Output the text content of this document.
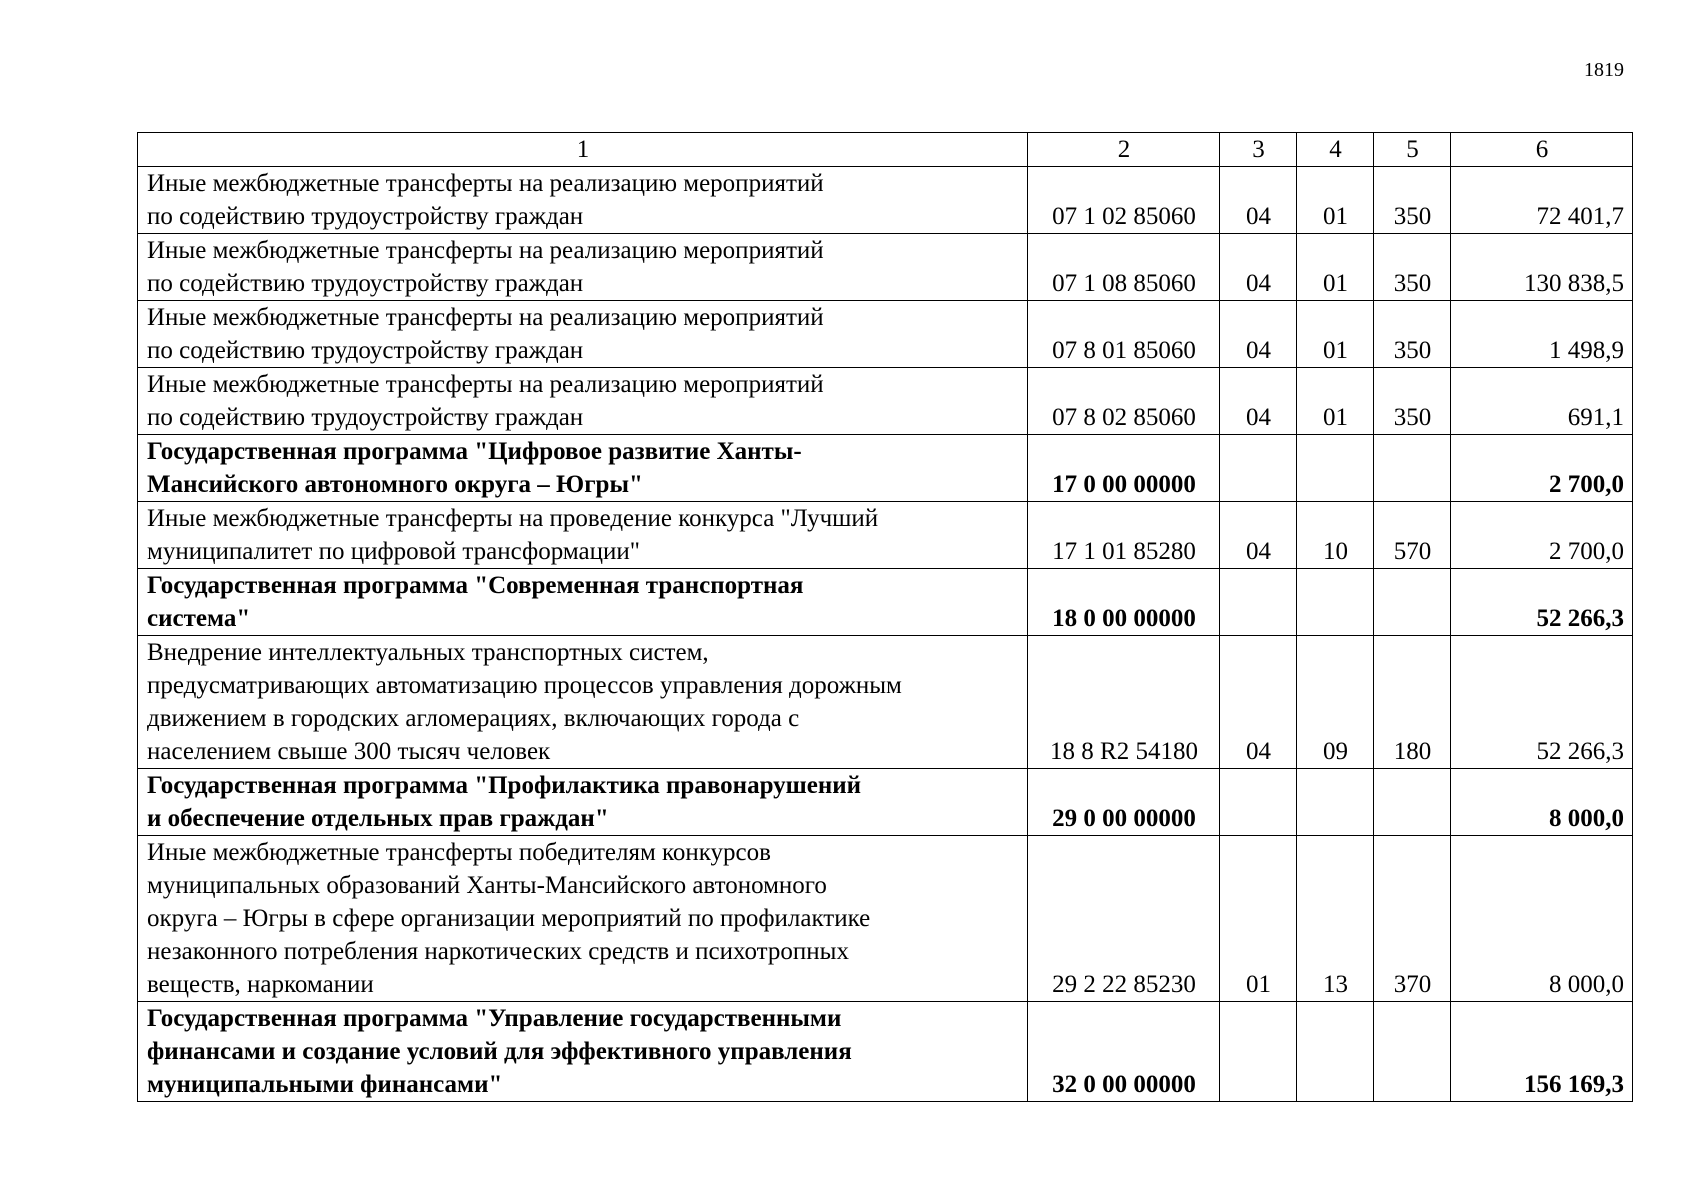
1819
1	2	3	4	5	6

Иные межбюджетные трансферты на реализацию мероприятий
по содействию трудоустройству граждан	07 1 02 85060	04	01	350	72 401,7

Иные межбюджетные трансферты на реализацию мероприятий
по содействию трудоустройству граждан	07 1 08 85060	04	01	350	130 838,5

Иные межбюджетные трансферты на реализацию мероприятий
по содействию трудоустройству граждан	07 8 01 85060	04	01	350	1 498,9

Иные межбюджетные трансферты на реализацию мероприятий
по содействию трудоустройству граждан	07 8 02 85060	04	01	350	691,1

Государственная программа "Цифровое развитие Ханты-
Мансийского автономного округа – Югры"	17 0 00 00000				2 700,0

Иные межбюджетные трансферты на проведение конкурса "Лучший
муниципалитет по цифровой трансформации"	17 1 01 85280	04	10	570	2 700,0

Государственная программа "Современная транспортная
система"	18 0 00 00000				52 266,3

Внедрение интеллектуальных транспортных систем,
предусматривающих автоматизацию процессов управления дорожным
движением в городских агломерациях, включающих города с
населением свыше 300 тысяч человек	18 8 R2 54180	04	09	180	52 266,3

Государственная программа "Профилактика правонарушений
и обеспечение отдельных прав граждан"	29 0 00 00000				8 000,0

Иные межбюджетные трансферты победителям конкурсов
муниципальных образований Ханты-Мансийского автономного
округа – Югры в сфере организации мероприятий по профилактике
незаконного потребления наркотических средств и психотропных
веществ, наркомании	29 2 22 85230	01	13	370	8 000,0

Государственная программа "Управление государственными
финансами и создание условий для эффективного управления
муниципальными финансами"	32 0 00 00000				156 169,3
